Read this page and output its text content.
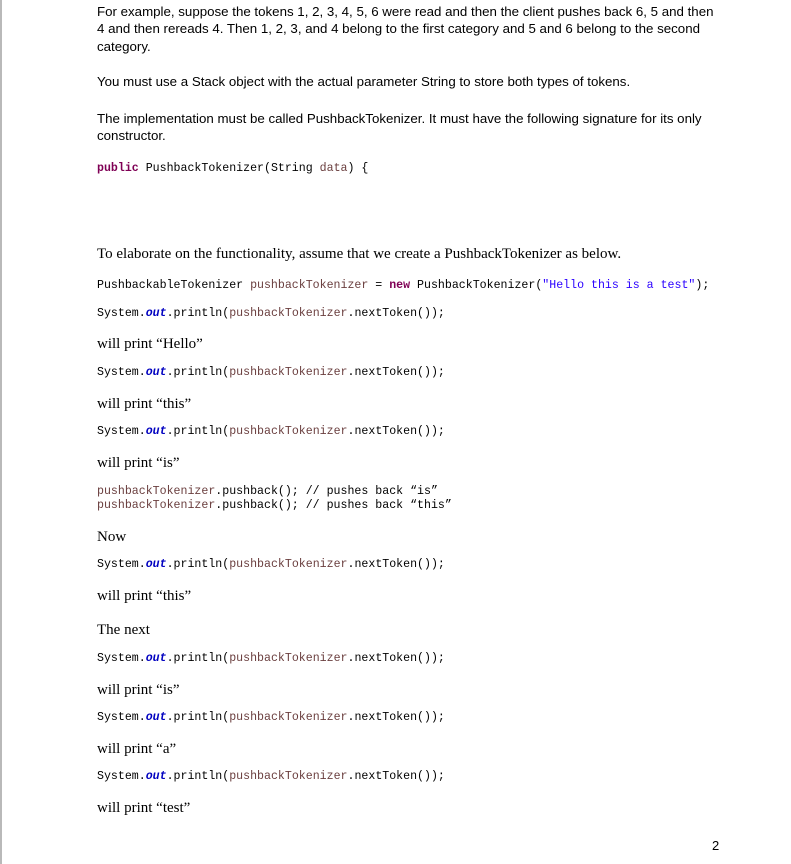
For example, suppose the tokens 1, 2, 3, 4, 5, 6 were read and then the client pushes back 6, 5 and then
4 and then rereads 4. Then 1, 2, 3, and 4 belong to the first category and 5 and 6 belong to the second
category.
You must use a Stack object with the actual parameter String to store both types of tokens.
The implementation must be called PushbackTokenizer. It must have the following signature for its only
constructor.
public PushbackTokenizer(String data) {
To elaborate on the functionality, assume that we create a PushbackTokenizer as below.
PushbackableTokenizer pushbackTokenizer = new PushbackTokenizer("Hello this is a test");
System.out.println(pushbackTokenizer.nextToken());
will print “Hello”
System.out.println(pushbackTokenizer.nextToken());
will print “this”
System.out.println(pushbackTokenizer.nextToken());
will print “is”
pushbackTokenizer.pushback(); // pushes back “is”
pushbackTokenizer.pushback(); // pushes back “this”
Now
System.out.println(pushbackTokenizer.nextToken());
will print “this”
The next
System.out.println(pushbackTokenizer.nextToken());
will print “is”
System.out.println(pushbackTokenizer.nextToken());
will print “a”
System.out.println(pushbackTokenizer.nextToken());
will print “test”
2
